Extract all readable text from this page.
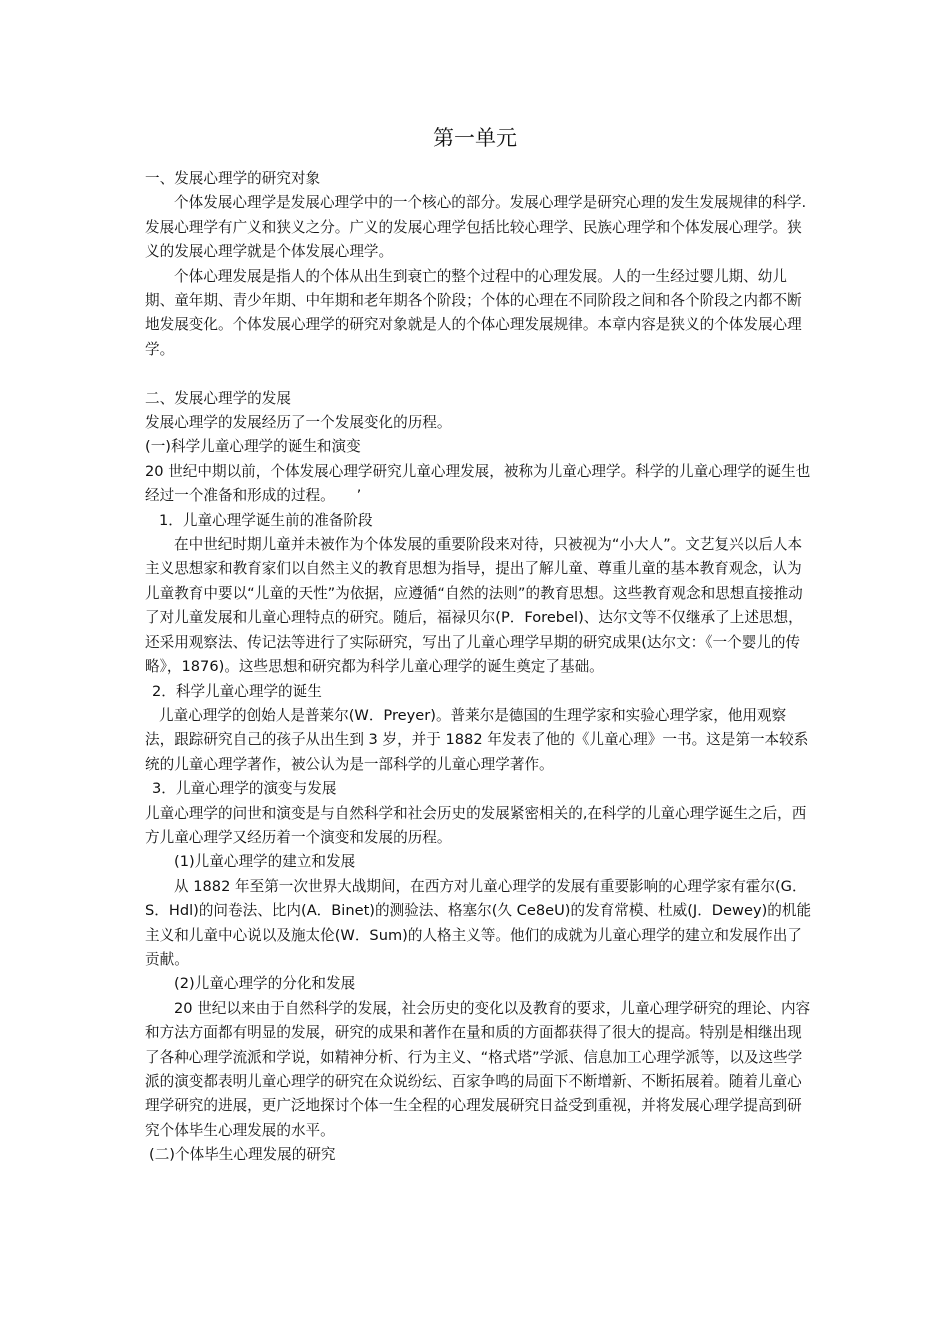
第一单元

一、发展心理学的研究对象

个体发展心理学是发展心理学中的一个核心的部分。发展心理学是研究心理的发生发展规律的科学.发展心理学有广义和狭义之分。广义的发展心理学包括比较心理学、民族心理学和个体发展心理学。狭义的发展心理学就是个体发展心理学。

个体心理发展是指人的个体从出生到衰亡的整个过程中的心理发展。人的一生经过婴儿期、幼儿期、童年期、青少年期、中年期和老年期各个阶段；个体的心理在不同阶段之间和各个阶段之内都不断地发展变化。个体发展心理学的研究对象就是人的个体心理发展规律。本章内容是狭义的个体发展心理学。

二、发展心理学的发展

发展心理学的发展经历了一个发展变化的历程。

(一)科学儿童心理学的诞生和演变

20 世纪中期以前，个体发展心理学研究儿童心理发展，被称为儿童心理学。科学的儿童心理学的诞生也经过一个准备和形成的过程。　　’

1．儿童心理学诞生前的准备阶段

在中世纪时期儿童并未被作为个体发展的重要阶段来对待，只被视为“小大人”。文艺复兴以后人本主义思想家和教育家们以自然主义的教育思想为指导，提出了解儿童、尊重儿童的基本教育观念，认为儿童教育中要以“儿童的天性”为依据，应遵循“自然的法则”的教育思想。这些教育观念和思想直接推动了对儿童发展和儿童心理特点的研究。随后，福禄贝尔(P．Forebel)、达尔文等不仅继承了上述思想，还采用观察法、传记法等进行了实际研究，写出了儿童心理学早期的研究成果(达尔文：《一个婴儿的传略》，1876)。这些思想和研究都为科学儿童心理学的诞生奠定了基础。

2．科学儿童心理学的诞生

儿童心理学的创始人是普莱尔(W．Preyer)。普莱尔是德国的生理学家和实验心理学家，他用观察法，跟踪研究自己的孩子从出生到 3 岁，并于 1882 年发表了他的《儿童心理》一书。这是第一本较系统的儿童心理学著作，被公认为是一部科学的儿童心理学著作。

3．儿童心理学的演变与发展

儿童心理学的问世和演变是与自然科学和社会历史的发展紧密相关的,在科学的儿童心理学诞生之后，西方儿童心理学又经历着一个演变和发展的历程。

(1)儿童心理学的建立和发展

从 1882 年至第一次世界大战期间，在西方对儿童心理学的发展有重要影响的心理学家有霍尔(G．S．Hdl)的问卷法、比内(A．Binet)的测验法、格塞尔(久 Ce8eU)的发育常模、杜威(J．Dewey)的机能主义和儿童中心说以及施太伦(W．Sum)的人格主义等。他们的成就为儿童心理学的建立和发展作出了贡献。

(2)儿童心理学的分化和发展

20 世纪以来由于自然科学的发展，社会历史的变化以及教育的要求，儿童心理学研究的理论、内容和方法方面都有明显的发展，研究的成果和著作在量和质的方面都获得了很大的提高。特别是相继出现了各种心理学流派和学说，如精神分析、行为主义、“格式塔”学派、信息加工心理学派等，以及这些学派的演变都表明儿童心理学的研究在众说纷纭、百家争鸣的局面下不断增新、不断拓展着。随着儿童心理学研究的进展，更广泛地探讨个体一生全程的心理发展研究日益受到重视，并将发展心理学提高到研究个体毕生心理发展的水平。

(二)个体毕生心理发展的研究
